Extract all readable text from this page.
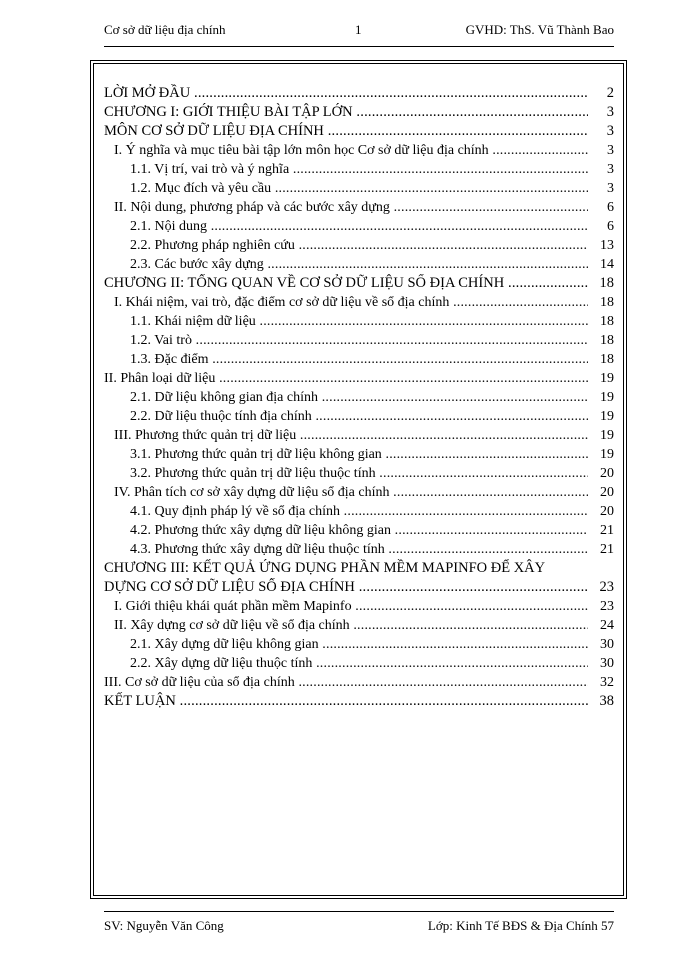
Cơ sở dữ liệu địa chính	1	GVHD: ThS. Vũ Thành Bao
LỜI MỞ ĐẦU .....	2
CHƯƠNG I: GIỚI THIỆU BÀI TẬP LỚN .....	3
MÔN CƠ SỞ DỮ LIỆU ĐỊA CHÍNH .....	3
I. Ý nghĩa và mục tiêu bài tập lớn môn học Cơ sở dữ liệu địa chính .....	3
1.1. Vị trí, vai trò và ý nghĩa .....	3
1.2. Mục đích và yêu cầu .....	3
II. Nội dung, phương pháp và các bước xây dựng .....	6
2.1. Nội dung .....	6
2.2. Phương pháp nghiên cứu .....	13
2.3. Các bước xây dựng .....	14
CHƯƠNG II: TỔNG QUAN VỀ CƠ SỞ DỮ LIỆU SỐ ĐỊA CHÍNH .....	18
I. Khái niệm, vai trò, đặc điểm cơ sở dữ liệu về sổ địa chính .....	18
1.1. Khái niệm dữ liệu .....	18
1.2. Vai trò .....	18
1.3. Đặc điểm .....	18
II. Phân loại dữ liệu .....	19
2.1. Dữ liệu không gian địa chính .....	19
2.2. Dữ liệu thuộc tính địa chính .....	19
III. Phương thức quản trị dữ liệu .....	19
3.1. Phương thức quản trị dữ liệu không gian .....	19
3.2. Phương thức quản trị dữ liệu thuộc tính .....	20
IV. Phân tích cơ sở xây dựng dữ liệu sổ địa chính .....	20
4.1. Quy định pháp lý về sổ địa chính .....	20
4.2. Phương thức xây dựng dữ liệu không gian .....	21
4.3. Phương thức xây dựng dữ liệu thuộc tính .....	21
CHƯƠNG III: KẾT QUẢ ỨNG DỤNG PHẦN MỀM MAPINFO ĐỂ XÂY
DỰNG CƠ SỞ DỮ LIỆU SỔ ĐỊA CHÍNH .....	23
I. Giới thiệu khái quát phần mềm Mapinfo .....	23
II. Xây dựng cơ sở dữ liệu về sổ địa chính .....	24
2.1. Xây dựng dữ liệu không gian .....	30
2.2. Xây dựng dữ liệu thuộc tính .....	30
III. Cơ sở dữ liệu của sổ địa chính .....	32
KẾT LUẬN .....	38
SV: Nguyễn Văn Công	Lớp: Kinh Tế BĐS & Địa Chính 57
